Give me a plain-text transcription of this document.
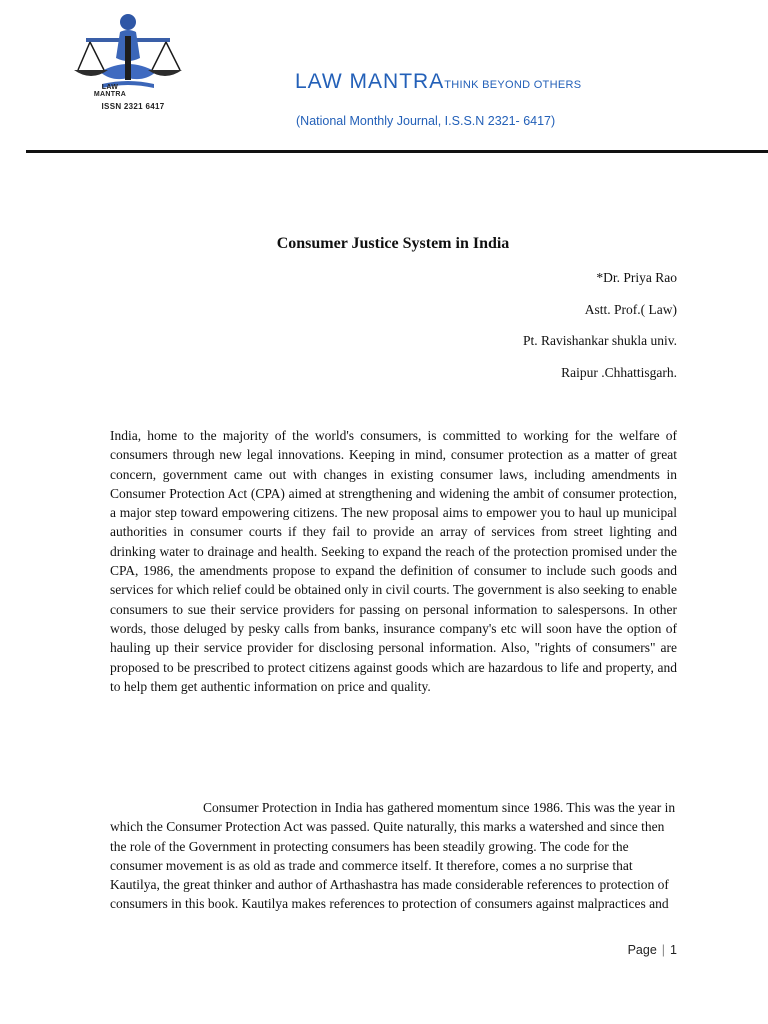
LAW MANTRA
ISSN 2321 6417
LAW MANTRATHINK BEYOND OTHERS
(National Monthly Journal, I.S.S.N 2321- 6417)
Consumer Justice System in India
*Dr. Priya Rao
Astt. Prof.( Law)
Pt. Ravishankar shukla univ.
Raipur .Chhattisgarh.

India, home to the majority of the world's consumers, is committed to working for the welfare of consumers through new legal innovations. Keeping in mind, consumer protection as a matter of great concern, government came out with changes in existing consumer laws, including amendments in Consumer Protection Act (CPA) aimed at strengthening and widening the ambit of consumer protection, a major step toward empowering citizens. The new proposal aims to empower you to haul up municipal authorities in consumer courts if they fail to provide an array of services from street lighting and drinking water to drainage and health. Seeking to expand the reach of the protection promised under the CPA, 1986, the amendments propose to expand the definition of consumer to include such goods and services for which relief could be obtained only in civil courts. The government is also seeking to enable consumers to sue their service providers for passing on personal information to salespersons. In other words, those deluged by pesky calls from banks, insurance company's etc will soon have the option of hauling up their service provider for disclosing personal information. Also, "rights of consumers" are proposed to be prescribed to protect citizens against goods which are hazardous to life and property, and to help them get authentic information on price and quality.

Consumer Protection in India has gathered momentum since 1986. This was the year in which the Consumer Protection Act was passed. Quite naturally, this marks a watershed and since then the role of the Government in protecting consumers has been steadily growing. The code for the consumer movement is as old as trade and commerce itself. It therefore, comes a no surprise that Kautilya, the great thinker and author of Arthashastra has made considerable references to protection of consumers in this book. Kautilya makes references to protection of consumers against malpractices and

Page | 1
